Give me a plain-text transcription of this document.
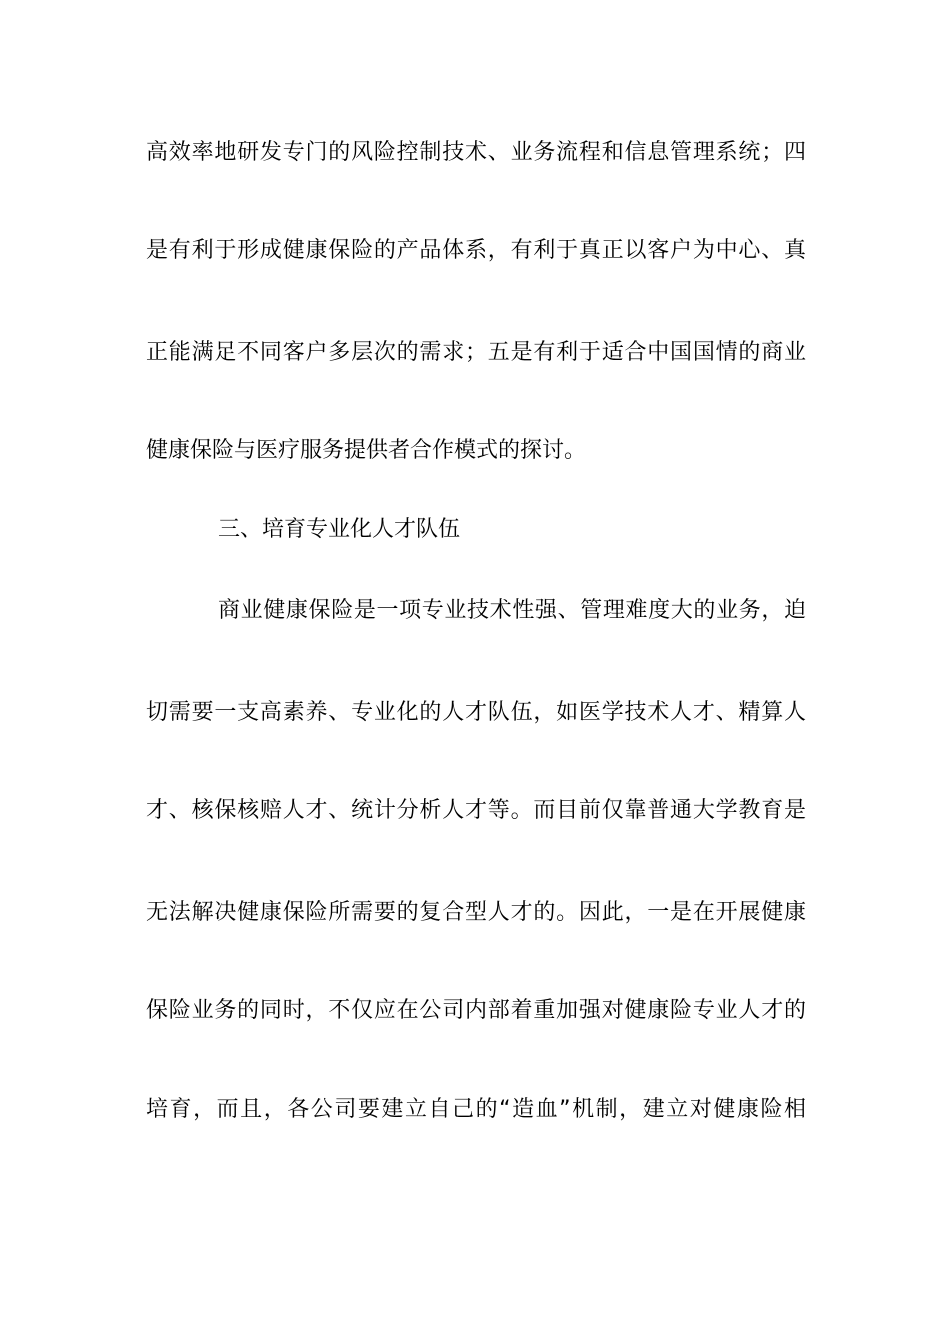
高效率地研发专门的风险控制技术、业务流程和信息管理系统；四
是有利于形成健康保险的产品体系，有利于真正以客户为中心、真
正能满足不同客户多层次的需求；五是有利于适合中国国情的商业
健康保险与医疗服务提供者合作模式的探讨。
三、培育专业化人才队伍
商业健康保险是一项专业技术性强、管理难度大的业务，迫
切需要一支高素养、专业化的人才队伍，如医学技术人才、精算人
才、核保核赔人才、统计分析人才等。而目前仅靠普通大学教育是
无法解决健康保险所需要的复合型人才的。因此，一是在开展健康
保险业务的同时，不仅应在公司内部着重加强对健康险专业人才的
培育，而且，各公司要建立自己的“造血”机制，建立对健康险相
